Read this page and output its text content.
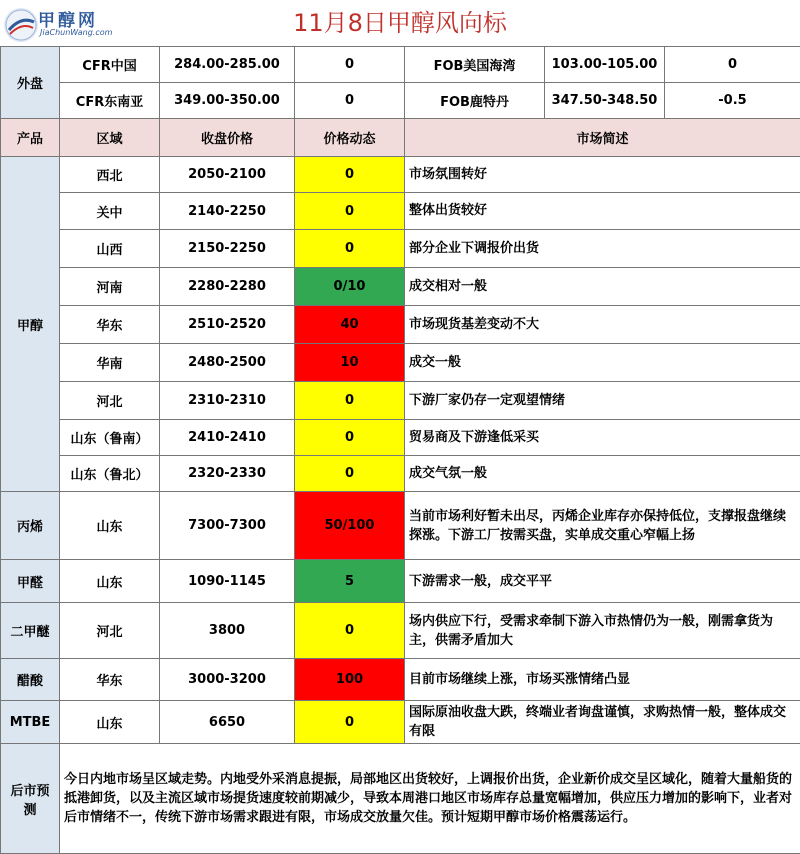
甲醇网
JiaChunWang.com	11月8日甲醇风向标
外盘	CFR中国	284.00-285.00	0	FOB美国海湾	103.00-105.00	0
	CFR东南亚	349.00-350.00	0	FOB鹿特丹	347.50-348.50	-0.5
产品	区域	收盘价格	价格动态	市场简述		
甲醇	西北	2050-2100	0	市场氛围转好		
	关中	2140-2250	0	整体出货较好		
	山西	2150-2250	0	部分企业下调报价出货		
	河南	2280-2280	0/10	成交相对一般		
	华东	2510-2520	40	市场现货基差变动不大		
	华南	2480-2500	10	成交一般		
	河北	2310-2310	0	下游厂家仍存一定观望情绪		
	山东（鲁南）	2410-2410	0	贸易商及下游逢低采买		
	山东（鲁北）	2320-2330	0	成交气氛一般		
丙烯	山东	7300-7300	50/100	当前市场利好暂未出尽，丙烯企业库存亦保持低位，支撑报盘继续探涨。下游工厂按需买盘，实单成交重心窄幅上扬		
甲醛	山东	1090-1145	5	下游需求一般，成交平平		
二甲醚	河北	3800	0	场内供应下行，受需求牵制下游入市热情仍为一般，刚需拿货为主，供需矛盾加大		
醋酸	华东	3000-3200	100	目前市场继续上涨，市场买涨情绪凸显		
MTBE	山东	6650	0	国际原油收盘大跌，终端业者询盘谨慎，求购热情一般，整体成交有限		
后市预测	今日内地市场呈区域走势。内地受外采消息提振，局部地区出货较好，上调报价出货，企业新价成交呈区域化，随着大量船货的抵港卸货，以及主流区域市场提货速度较前期减少，导致本周港口地区市场库存总量宽幅增加，供应压力增加的影响下，业者对后市情绪不一，传统下游市场需求跟进有限，市场成交放量欠佳。预计短期甲醇市场价格震荡运行。					
